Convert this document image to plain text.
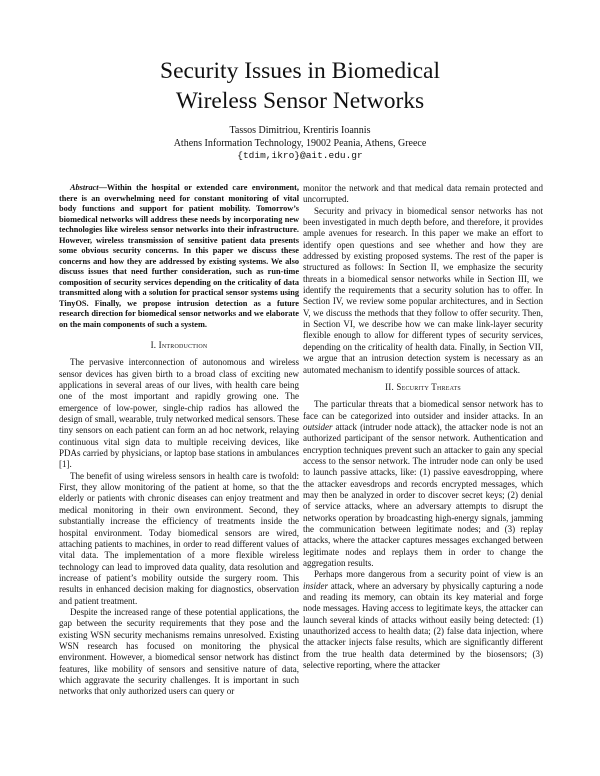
Security Issues in Biomedical
Wireless Sensor Networks
Tassos Dimitriou, Krentiris Ioannis
Athens Information Technology, 19002 Peania, Athens, Greece
{tdim,ikro}@ait.edu.gr

Abstract—Within the hospital or extended care environment, there is an overwhelming need for constant monitoring of vital body functions and support for patient mobility. Tomorrow’s biomedical networks will address these needs by incorporating new technologies like wireless sensor networks into their infrastructure. However, wireless transmission of sensitive patient data presents some obvious security concerns. In this paper we discuss these concerns and how they are addressed by existing systems. We also discuss issues that need further consideration, such as run-time composition of security services depending on the criticality of data transmitted along with a solution for practical sensor systems using TinyOS. Finally, we propose intrusion detection as a future research direction for biomedical sensor networks and we elaborate on the main components of such a system.

I. Introduction

The pervasive interconnection of autonomous and wireless sensor devices has given birth to a broad class of exciting new applications in several areas of our lives, with health care being one of the most important and rapidly growing one. The emergence of low-power, single-chip radios has allowed the design of small, wearable, truly networked medical sensors. These tiny sensors on each patient can form an ad hoc network, relaying continuous vital sign data to multiple receiving devices, like PDAs carried by physicians, or laptop base stations in ambulances [1].

The benefit of using wireless sensors in health care is twofold: First, they allow monitoring of the patient at home, so that the elderly or patients with chronic diseases can enjoy treatment and medical monitoring in their own environment. Second, they substantially increase the efficiency of treatments inside the hospital environment. Today biomedical sensors are wired, attaching patients to machines, in order to read different values of vital data. The implementation of a more flexible wireless technology can lead to improved data quality, data resolution and increase of patient’s mobility outside the surgery room. This results in enhanced decision making for diagnostics, observation and patient treatment.

Despite the increased range of these potential applications, the gap between the security requirements that they pose and the existing WSN security mechanisms remains unresolved. Existing WSN research has focused on monitoring the physical environment. However, a biomedical sensor network has distinct features, like mobility of sensors and sensitive nature of data, which aggravate the security challenges. It is important in such networks that only authorized users can query or

monitor the network and that medical data remain protected and uncorrupted.

Security and privacy in biomedical sensor networks has not been investigated in much depth before, and therefore, it provides ample avenues for research. In this paper we make an effort to identify open questions and see whether and how they are addressed by existing proposed systems. The rest of the paper is structured as follows: In Section II, we emphasize the security threats in a biomedical sensor networks while in Section III, we identify the requirements that a security solution has to offer. In Section IV, we review some popular architectures, and in Section V, we discuss the methods that they follow to offer security. Then, in Section VI, we describe how we can make link-layer security flexible enough to allow for different types of security services, depending on the criticality of health data. Finally, in Section VII, we argue that an intrusion detection system is necessary as an automated mechanism to identify possible sources of attack.

II. Security Threats

The particular threats that a biomedical sensor network has to face can be categorized into outsider and insider attacks. In an outsider attack (intruder node attack), the attacker node is not an authorized participant of the sensor network. Authentication and encryption techniques prevent such an attacker to gain any special access to the sensor network. The intruder node can only be used to launch passive attacks, like: (1) passive eavesdropping, where the attacker eavesdrops and records encrypted messages, which may then be analyzed in order to discover secret keys; (2) denial of service attacks, where an adversary attempts to disrupt the networks operation by broadcasting high-energy signals, jamming the communication between legitimate nodes; and (3) replay attacks, where the attacker captures messages exchanged between legitimate nodes and replays them in order to change the aggregation results.

Perhaps more dangerous from a security point of view is an insider attack, where an adversary by physically capturing a node and reading its memory, can obtain its key material and forge node messages. Having access to legitimate keys, the attacker can launch several kinds of attacks without easily being detected: (1) unauthorized access to health data; (2) false data injection, where the attacker injects false results, which are significantly different from the true health data determined by the biosensors; (3) selective reporting, where the attacker
